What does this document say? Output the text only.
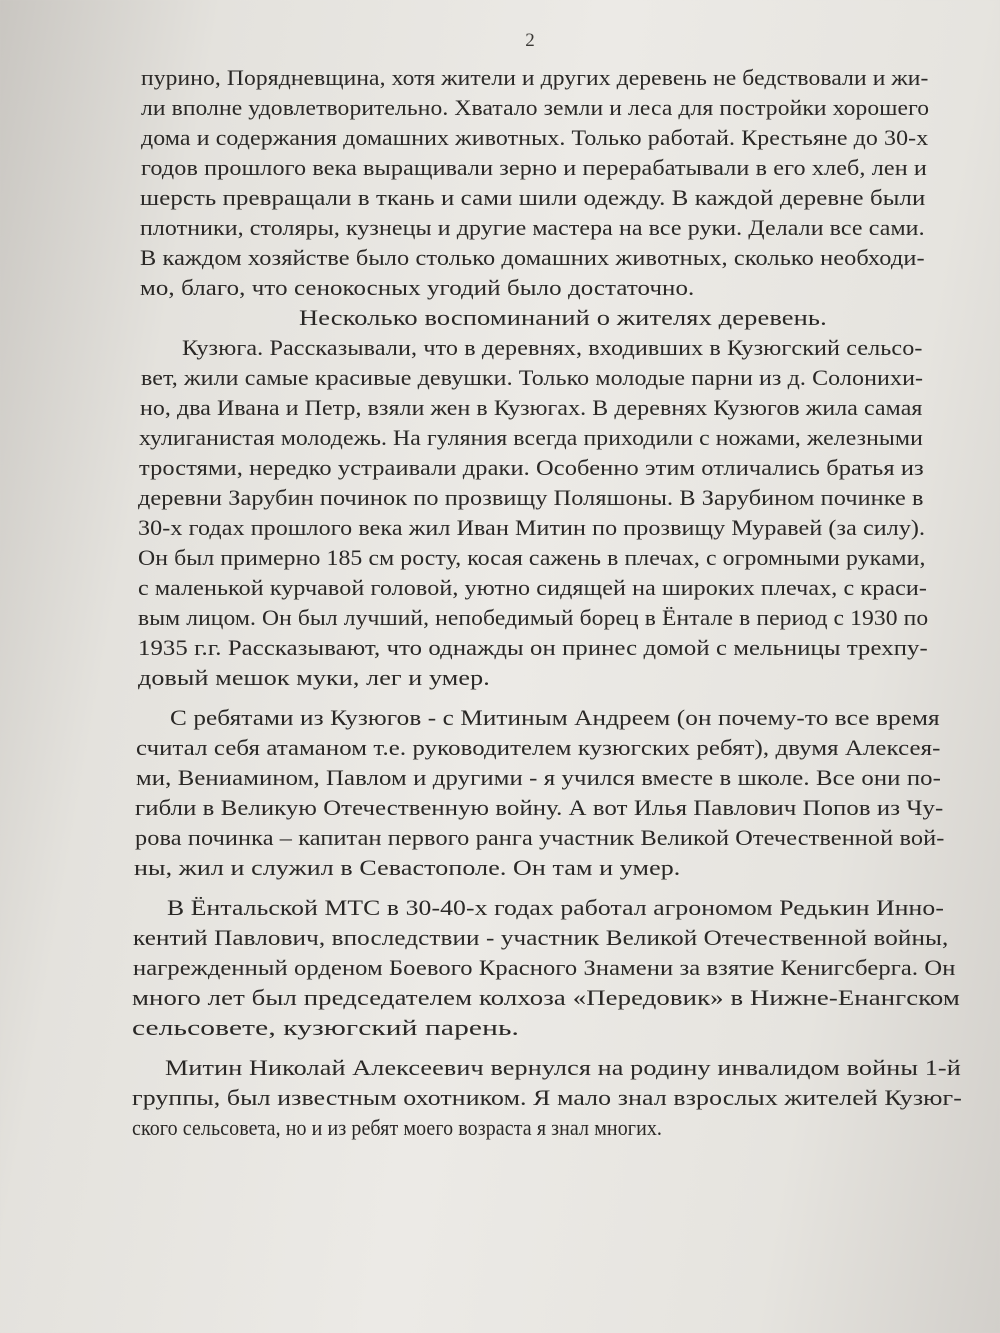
2
пурино, Порядневщина, хотя жители и других деревень не бедствовали и жи-
ли вполне удовлетворительно. Хватало земли и леса для постройки хорошего
дома и содержания домашних животных. Только работай. Крестьяне до 30-х
годов прошлого века выращивали зерно и перерабатывали в его хлеб, лен и
шерсть превращали в ткань и сами шили одежду. В каждой деревне были
плотники, столяры, кузнецы и другие мастера на все руки. Делали все сами.
В каждом хозяйстве было столько домашних животных, сколько необходи-
мо, благо, что сенокосных угодий было достаточно.
Несколько воспоминаний о жителях деревень.
Кузюга. Рассказывали, что в деревнях, входивших в Кузюгский сельсо-
вет, жили самые красивые девушки. Только молодые парни из д. Солонихи-
но, два Ивана и Петр, взяли жен в Кузюгах. В деревнях Кузюгов жила самая
хулиганистая молодежь. На гуляния всегда приходили с ножами, железными
тростями, нередко устраивали драки. Особенно этим отличались братья из
деревни Зарубин починок по прозвищу Поляшоны. В Зарубином починке в
30-х годах прошлого века жил Иван Митин по прозвищу Муравей (за силу).
Он был примерно 185 см росту, косая сажень в плечах, с огромными руками,
с маленькой курчавой головой, уютно сидящей на широких плечах, с краси-
вым лицом. Он был лучший, непобедимый борец в Ёнтале в период с 1930 по
1935 г.г. Рассказывают, что однажды он принес домой с мельницы трехпу-
довый мешок муки, лег и умер.
С ребятами из Кузюгов - с Митиным Андреем (он почему-то все время
считал себя атаманом т.е. руководителем кузюгских ребят), двумя Алексея-
ми, Вениамином, Павлом и другими - я учился вместе в школе. Все они по-
гибли в Великую Отечественную войну. А вот Илья Павлович Попов из Чу-
рова починка – капитан первого ранга участник Великой Отечественной вой-
ны, жил и служил в Севастополе. Он там и умер.
В Ёнтальской МТС в 30-40-х годах работал агрономом Редькин Инно-
кентий Павлович, впоследствии - участник Великой Отечественной войны,
нагрежденный орденом Боевого Красного Знамени за взятие Кенигсберга. Он
много лет был председателем колхоза «Передовик» в Нижне-Енангском
сельсовете, кузюгский парень.
Митин Николай Алексеевич вернулся на родину инвалидом войны 1-й
группы, был известным охотником. Я мало знал взрослых жителей Кузюг-
ского сельсовета, но и из ребят моего возраста я знал многих.
